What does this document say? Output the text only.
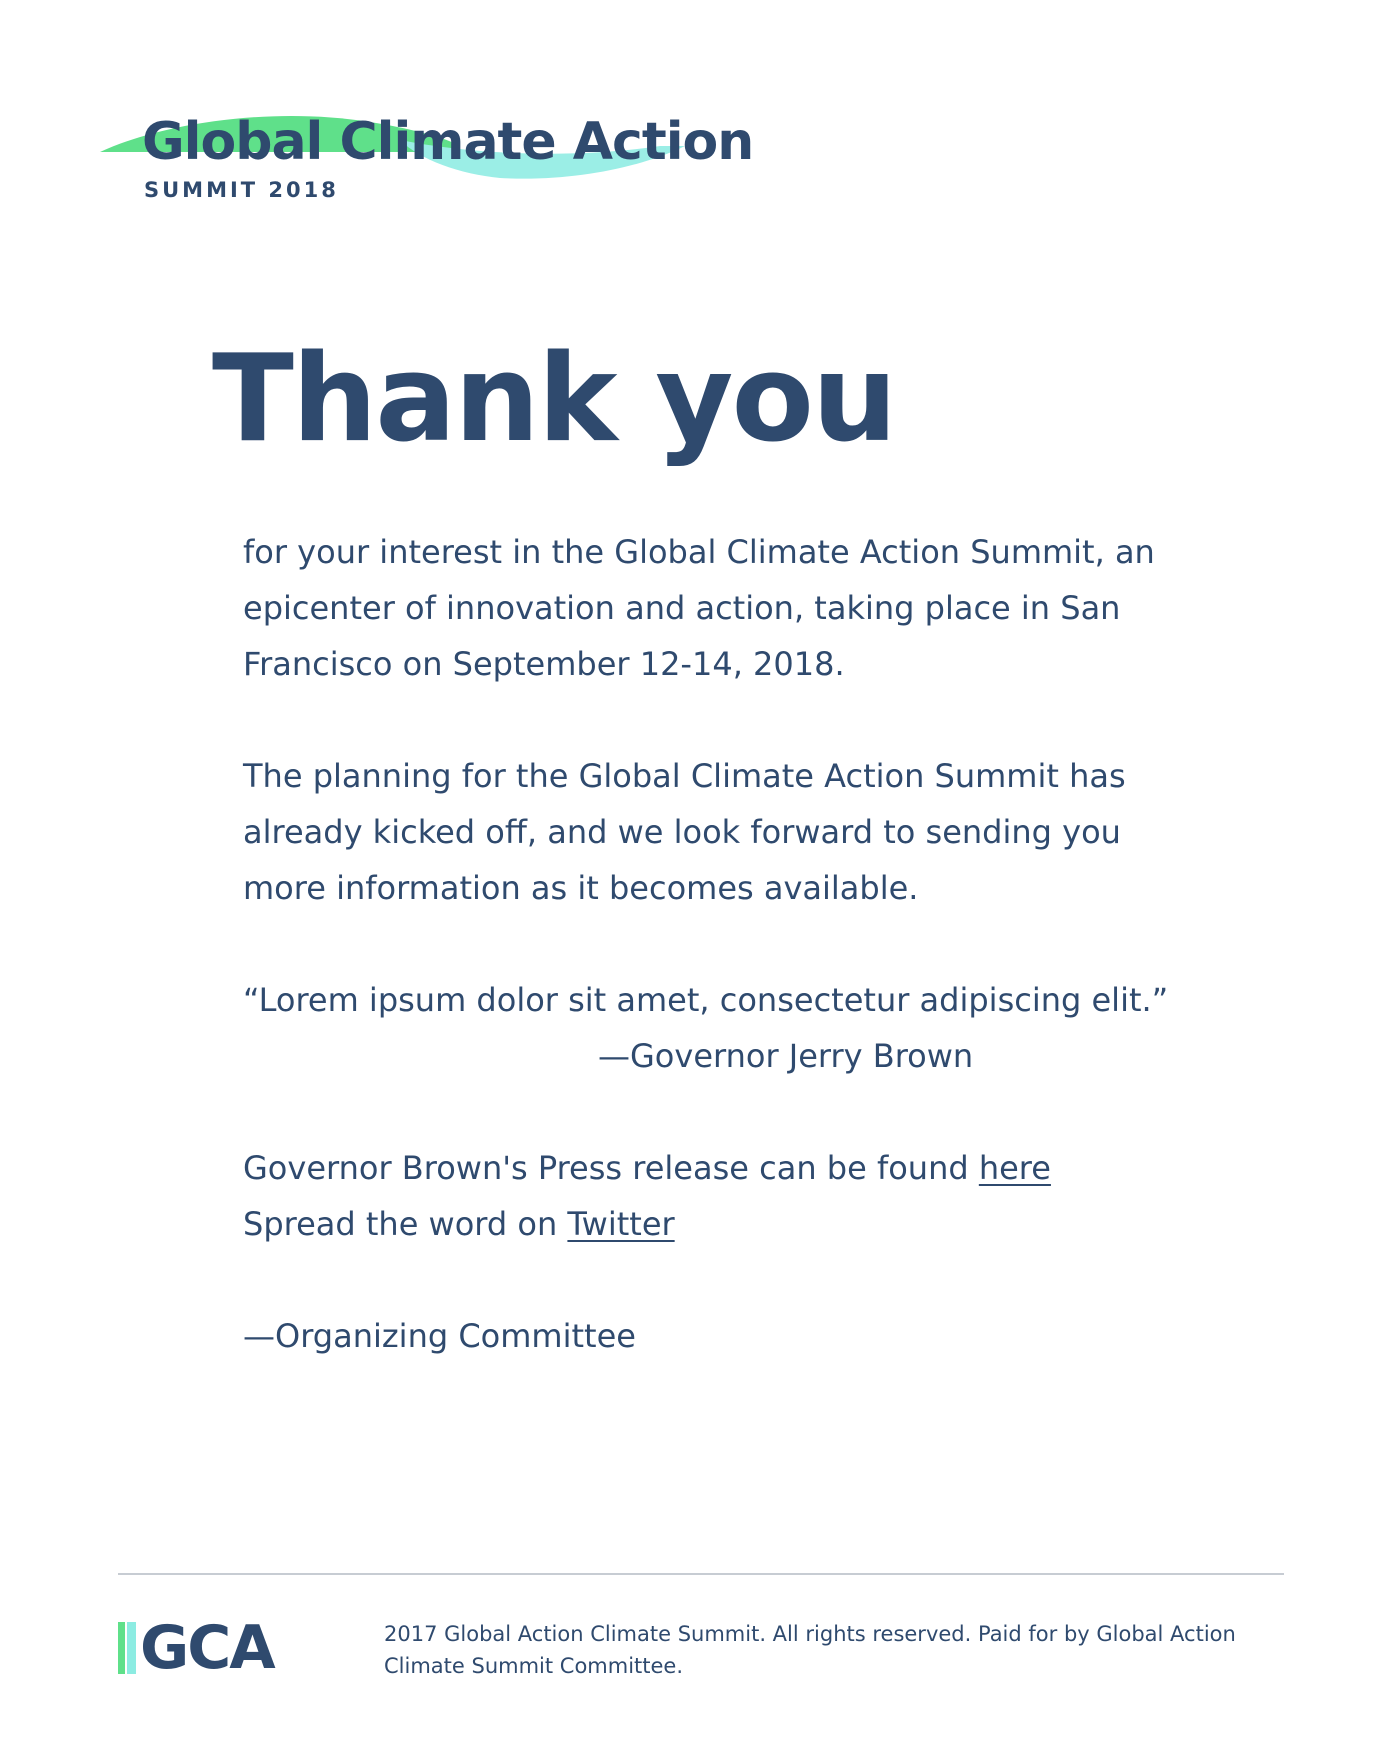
Global Climate Action
SUMMIT 2018
Thank you

for your interest in the Global Climate Action Summit, an
epicenter of innovation and action, taking place in San
Francisco on September 12-14, 2018.

The planning for the Global Climate Action Summit has
already kicked off, and we look forward to sending you
more information as it becomes available.

“Lorem ipsum dolor sit amet, consectetur adipiscing elit.”
—Governor Jerry Brown

Governor Brown's Press release can be found here
Spread the word on Twitter

—Organizing Committee

GCA	2017 Global Action Climate Summit. All rights reserved. Paid for by Global Action Climate Summit Committee.
